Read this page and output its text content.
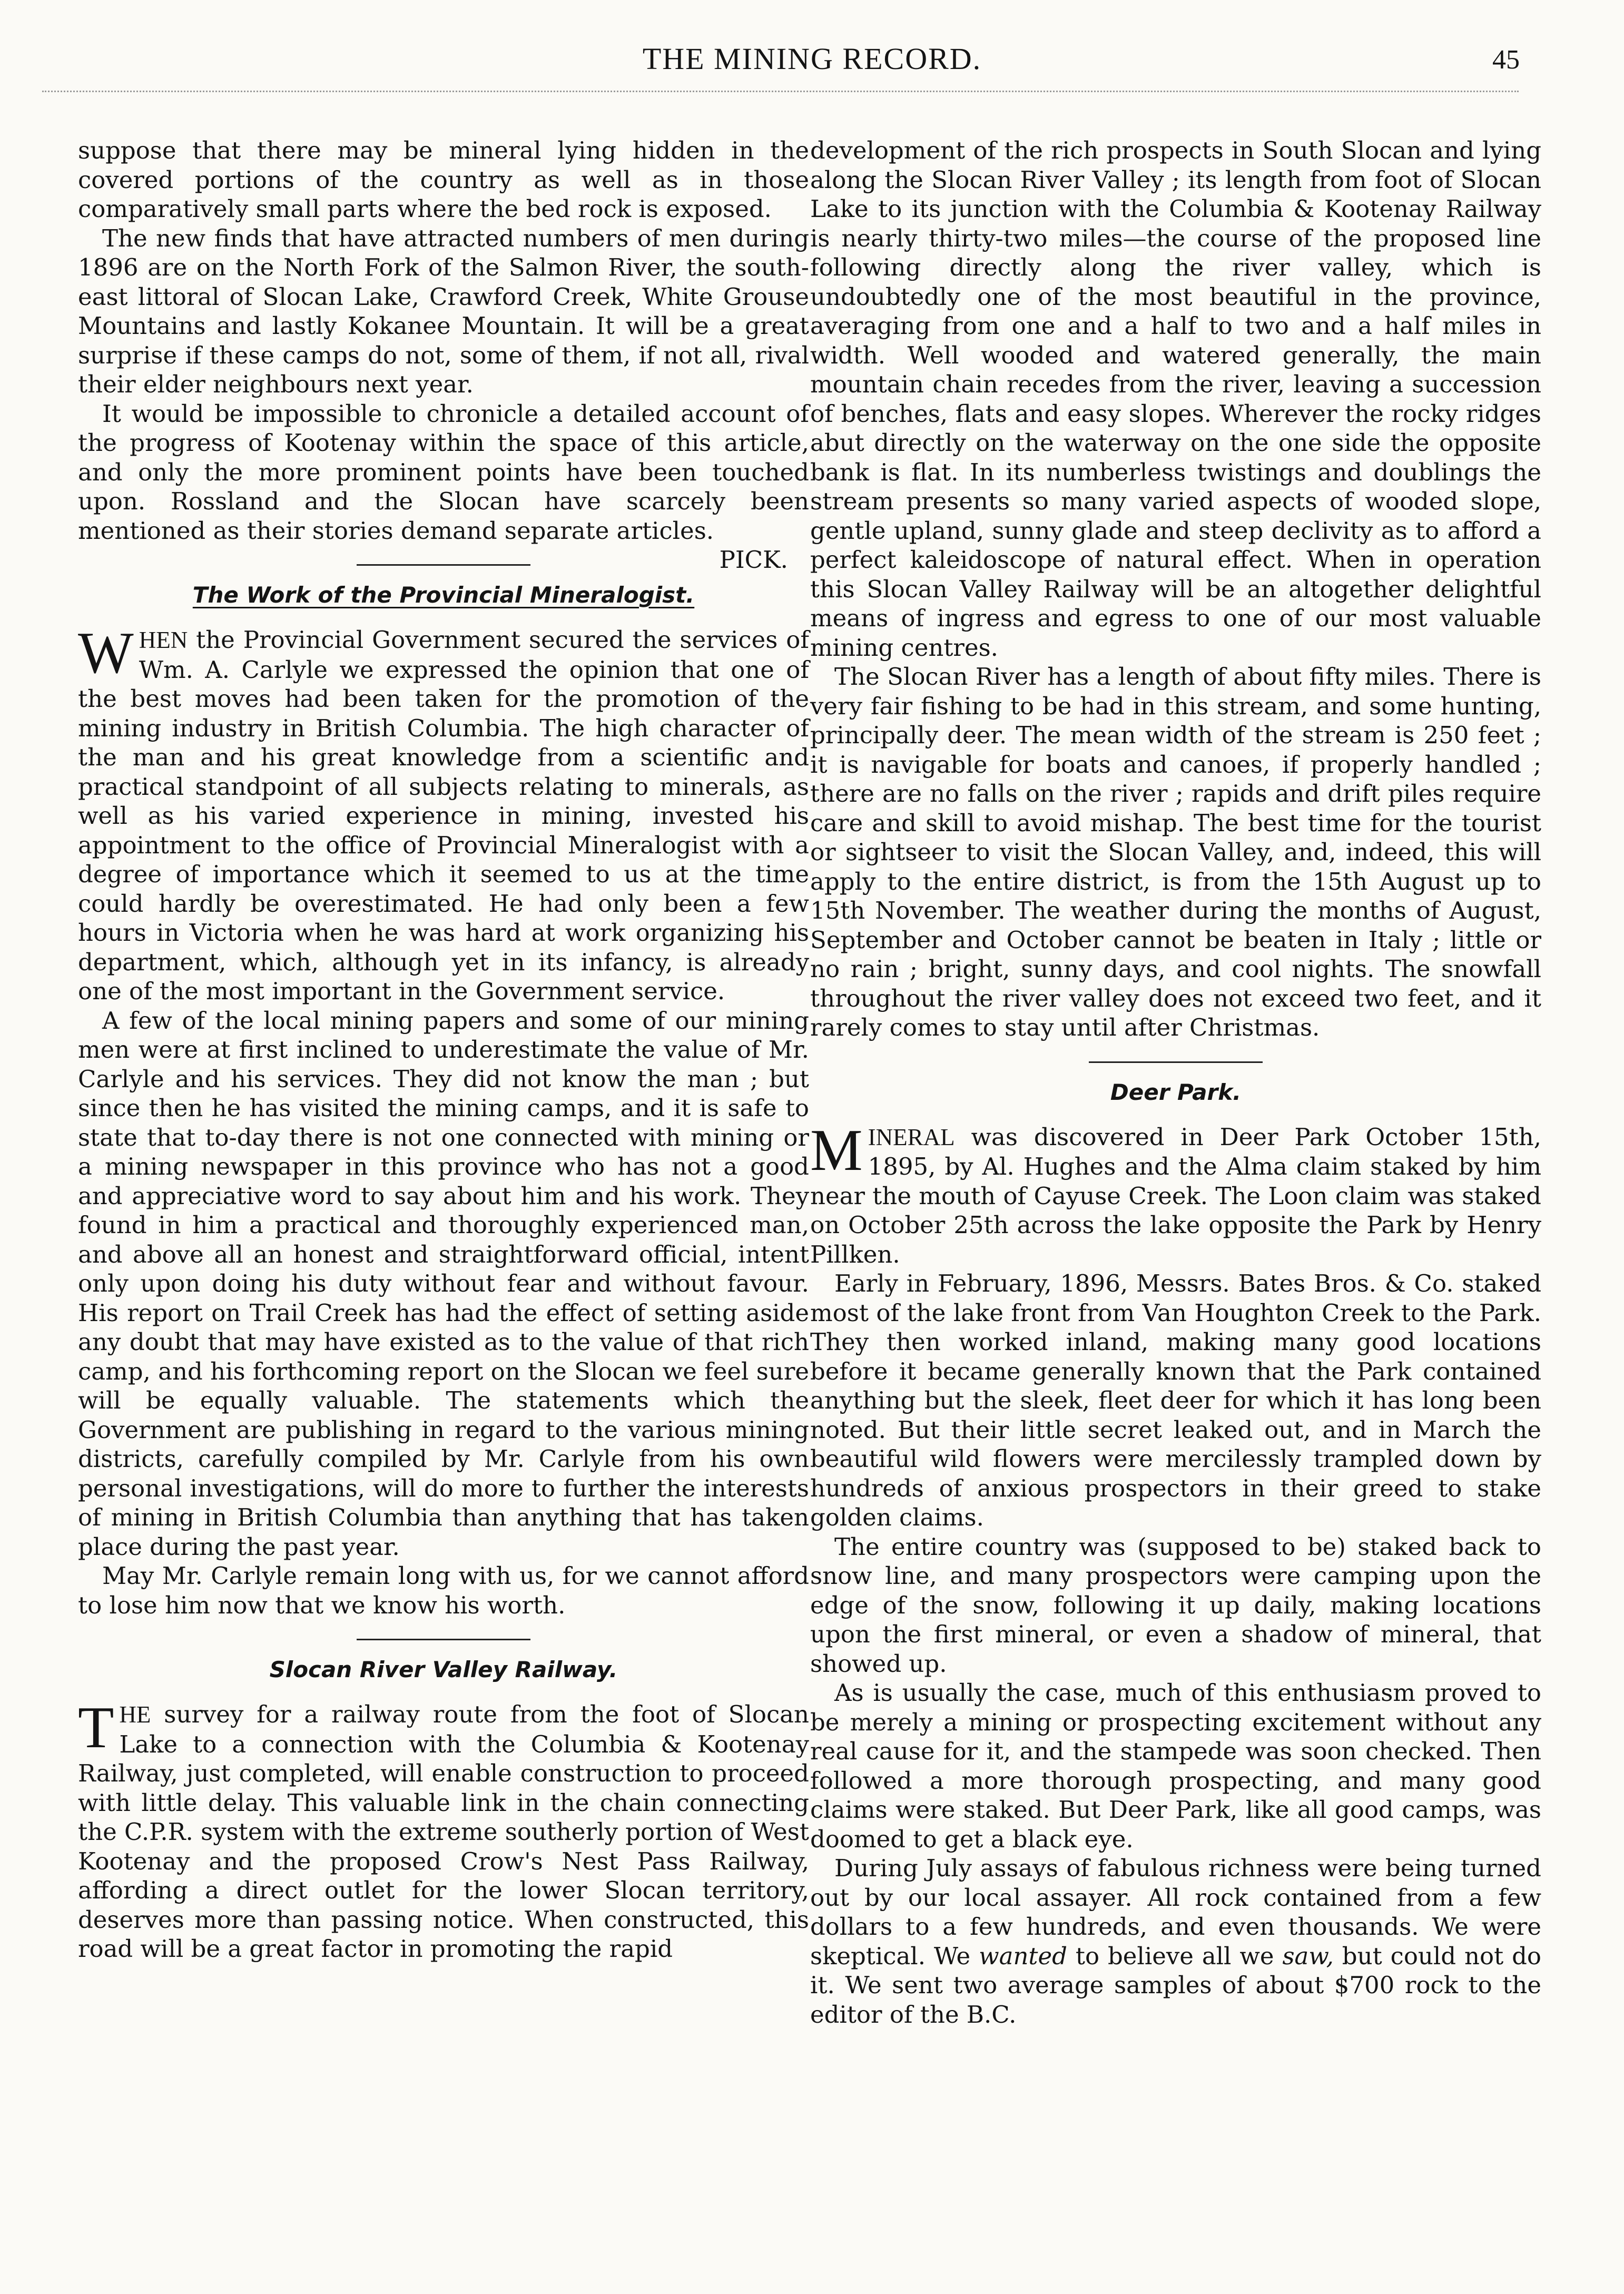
THE MINING RECORD.	45

suppose that there may be mineral lying hidden in the covered portions of the country as well as in those comparatively small parts where the bed rock is exposed.

The new finds that have attracted numbers of men during 1896 are on the North Fork of the Salmon River, the south-east littoral of Slocan Lake, Crawford Creek, White Grouse Mountains and lastly Kokanee Mountain. It will be a great surprise if these camps do not, some of them, if not all, rival their elder neighbours next year.

It would be impossible to chronicle a detailed account of the progress of Kootenay within the space of this article, and only the more prominent points have been touched upon. Rossland and the Slocan have scarcely been mentioned as their stories demand separate articles.
PICK.

The Work of the Provincial Mineralogist.

WHEN the Provincial Government secured the services of Wm. A. Carlyle we expressed the opinion that one of the best moves had been taken for the promotion of the mining industry in British Columbia. The high character of the man and his great knowledge from a scientific and practical standpoint of all subjects relating to minerals, as well as his varied experience in mining, invested his appointment to the office of Provincial Mineralogist with a degree of importance which it seemed to us at the time could hardly be overestimated. He had only been a few hours in Victoria when he was hard at work organizing his department, which, although yet in its infancy, is already one of the most important in the Government service.

A few of the local mining papers and some of our mining men were at first inclined to underestimate the value of Mr. Carlyle and his services. They did not know the man ; but since then he has visited the mining camps, and it is safe to state that to-day there is not one connected with mining or a mining newspaper in this province who has not a good and appreciative word to say about him and his work. They found in him a practical and thoroughly experienced man, and above all an honest and straightforward official, intent only upon doing his duty without fear and without favour. His report on Trail Creek has had the effect of setting aside any doubt that may have existed as to the value of that rich camp, and his forthcoming report on the Slocan we feel sure will be equally valuable. The statements which the Government are publishing in regard to the various mining districts, carefully compiled by Mr. Carlyle from his own personal investigations, will do more to further the interests of mining in British Columbia than anything that has taken place during the past year.

May Mr. Carlyle remain long with us, for we cannot afford to lose him now that we know his worth.

Slocan River Valley Railway.

THE survey for a railway route from the foot of Slocan Lake to a connection with the Columbia & Kootenay Railway, just completed, will enable construction to proceed with little delay. This valuable link in the chain connecting the C.P.R. system with the extreme southerly portion of West Kootenay and the proposed Crow's Nest Pass Railway, affording a direct outlet for the lower Slocan territory, deserves more than passing notice. When constructed, this road will be a great factor in promoting the rapid

development of the rich prospects in South Slocan and lying along the Slocan River Valley ; its length from foot of Slocan Lake to its junction with the Columbia & Kootenay Railway is nearly thirty-two miles—the course of the proposed line following directly along the river valley, which is undoubtedly one of the most beautiful in the province, averaging from one and a half to two and a half miles in width. Well wooded and watered generally, the main mountain chain recedes from the river, leaving a succession of benches, flats and easy slopes. Wherever the rocky ridges abut directly on the waterway on the one side the opposite bank is flat. In its numberless twistings and doublings the stream presents so many varied aspects of wooded slope, gentle upland, sunny glade and steep declivity as to afford a perfect kaleidoscope of natural effect. When in operation this Slocan Valley Railway will be an altogether delightful means of ingress and egress to one of our most valuable mining centres.

The Slocan River has a length of about fifty miles. There is very fair fishing to be had in this stream, and some hunting, principally deer. The mean width of the stream is 250 feet ; it is navigable for boats and canoes, if properly handled ; there are no falls on the river ; rapids and drift piles require care and skill to avoid mishap. The best time for the tourist or sightseer to visit the Slocan Valley, and, indeed, this will apply to the entire district, is from the 15th August up to 15th November. The weather during the months of August, September and October cannot be beaten in Italy ; little or no rain ; bright, sunny days, and cool nights. The snowfall throughout the river valley does not exceed two feet, and it rarely comes to stay until after Christmas.

Deer Park.

MINERAL was discovered in Deer Park October 15th, 1895, by Al. Hughes and the Alma claim staked by him near the mouth of Cayuse Creek. The Loon claim was staked on October 25th across the lake opposite the Park by Henry Pillken.

Early in February, 1896, Messrs. Bates Bros. & Co. staked most of the lake front from Van Houghton Creek to the Park. They then worked inland, making many good locations before it became generally known that the Park contained anything but the sleek, fleet deer for which it has long been noted. But their little secret leaked out, and in March the beautiful wild flowers were mercilessly trampled down by hundreds of anxious prospectors in their greed to stake golden claims.

The entire country was (supposed to be) staked back to snow line, and many prospectors were camping upon the edge of the snow, following it up daily, making locations upon the first mineral, or even a shadow of mineral, that showed up.

As is usually the case, much of this enthusiasm proved to be merely a mining or prospecting excitement without any real cause for it, and the stampede was soon checked. Then followed a more thorough prospecting, and many good claims were staked. But Deer Park, like all good camps, was doomed to get a black eye.

During July assays of fabulous richness were being turned out by our local assayer. All rock contained from a few dollars to a few hundreds, and even thousands. We were skeptical. We wanted to believe all we saw, but could not do it. We sent two average samples of about $700 rock to the editor of the B.C.
